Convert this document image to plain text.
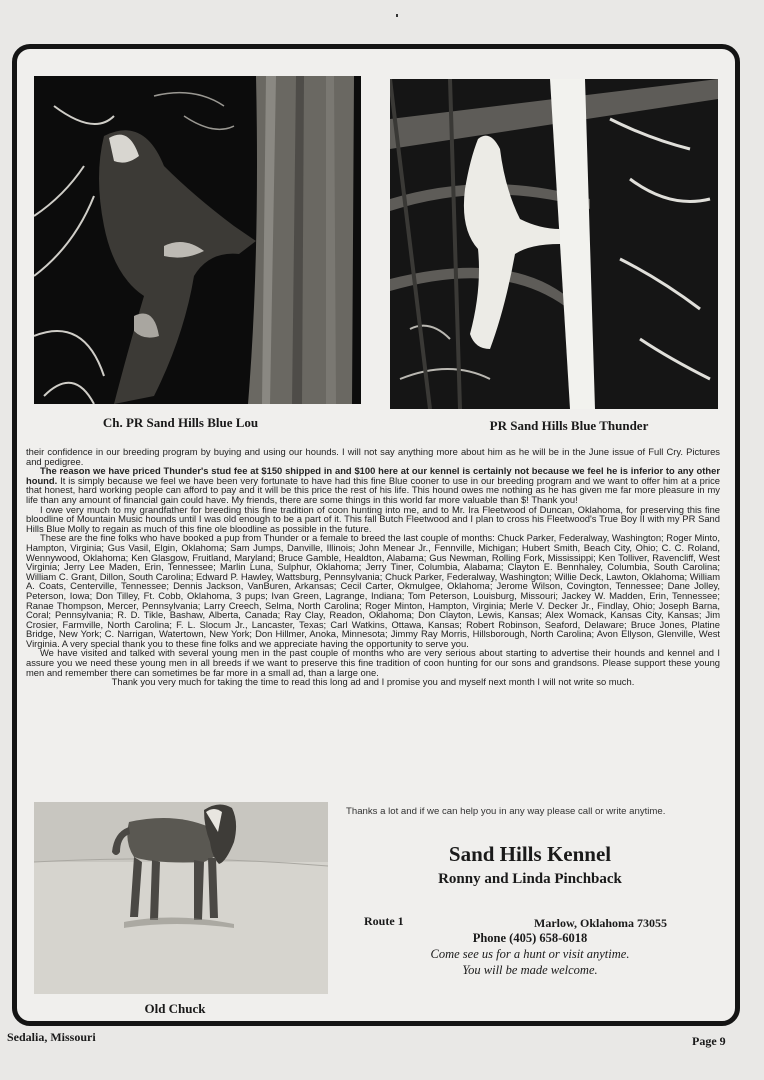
Ch. PR Sand Hills Blue Lou	PR Sand Hills Blue Thunder

their confidence in our breeding program by buying and using our hounds. I will not say anything more about him as he will be in the June issue of Full Cry. Pictures and pedigree.

The reason we have priced Thunder's stud fee at $150 shipped in and $100 here at our kennel is certainly not because we feel he is inferior to any other hound. It is simply because we feel we have been very fortunate to have had this fine Blue cooner to use in our breeding program and we want to offer him at a price that honest, hard working people can afford to pay and it will be this price the rest of his life. This hound owes me nothing as he has given me far more pleasure in my life than any amount of financial gain could have. My friends, there are some things in this world far more valuable than $! Thank you!

I owe very much to my grandfather for breeding this fine tradition of coon hunting into me, and to Mr. Ira Fleetwood of Duncan, Oklahoma, for preserving this fine bloodline of Mountain Music hounds until I was old enough to be a part of it. This fall Butch Fleetwood and I plan to cross his Fleetwood's True Boy II with my PR Sand Hills Blue Molly to regain as much of this fine ole bloodline as possible in the future.

These are the fine folks who have booked a pup from Thunder or a female to breed the last couple of months: Chuck Parker, Federalway, Washington; Roger Minto, Hampton, Virginia; Gus Vasil, Elgin, Oklahoma; Sam Jumps, Danville, Illinois; John Menear Jr., Fennville, Michigan; Hubert Smith, Beach City, Ohio; C. C. Roland, Wennywood, Oklahoma; Ken Glasgow, Fruitland, Maryland; Bruce Gamble, Healdton, Alabama; Gus Newman, Rolling Fork, Mississippi; Ken Tolliver, Ravencliff, West Virginia; Jerry Lee Maden, Erin, Tennessee; Marlin Luna, Sulphur, Oklahoma; Jerry Tiner, Columbia, Alabama; Clayton E. Bennhaley, Columbia, South Carolina; William C. Grant, Dillon, South Carolina; Edward P. Hawley, Wattsburg, Pennsylvania; Chuck Parker, Federalway, Washington; Willie Deck, Lawton, Oklahoma; William A. Coats, Centerville, Tennessee; Dennis Jackson, VanBuren, Arkansas; Cecil Carter, Okmulgee, Oklahoma; Jerome Wilson, Covington, Tennessee; Dane Jolley, Peterson, Iowa; Don Tilley, Ft. Cobb, Oklahoma, 3 pups; Ivan Green, Lagrange, Indiana; Tom Peterson, Louisburg, Missouri; Jackey W. Madden, Erin, Tennessee; Ranae Thompson, Mercer, Pennsylvania; Larry Creech, Selma, North Carolina; Roger Minton, Hampton, Virginia; Merle V. Decker Jr., Findlay, Ohio; Joseph Barna, Coral; Pennsylvania; R. D. Tikle, Bashaw, Alberta, Canada; Ray Clay, Readon, Oklahoma; Don Clayton, Lewis, Kansas; Alex Womack, Kansas City, Kansas; Jim Crosier, Farmville, North Carolina; F. L. Slocum Jr., Lancaster, Texas; Carl Watkins, Ottawa, Kansas; Robert Robinson, Seaford, Delaware; Bruce Jones, Platine Bridge, New York; C. Narrigan, Watertown, New York; Don Hillmer, Anoka, Minnesota; Jimmy Ray Morris, Hillsborough, North Carolina; Avon Ellyson, Glenville, West Virginia. A very special thank you to these fine folks and we appreciate having the opportunity to serve you.

We have visited and talked with several young men in the past couple of months who are very serious about starting to advertise their hounds and kennel and I assure you we need these young men in all breeds if we want to preserve this fine tradition of coon hunting for our sons and grandsons. Please support these young men and remember there can sometimes be far more in a small ad, than a large one.

Thank you very much for taking the time to read this long ad and I promise you and myself next month I will not write so much.

Old Chuck
Thanks a lot and if we can help you in any way please call or write anytime.
Sand Hills Kennel
Ronny and Linda Pinchback
Route 1	Marlow, Oklahoma 73055
Phone (405) 658-6018
Come see us for a hunt or visit anytime.
You will be made welcome.
Sedalia, Missouri	Page 9
